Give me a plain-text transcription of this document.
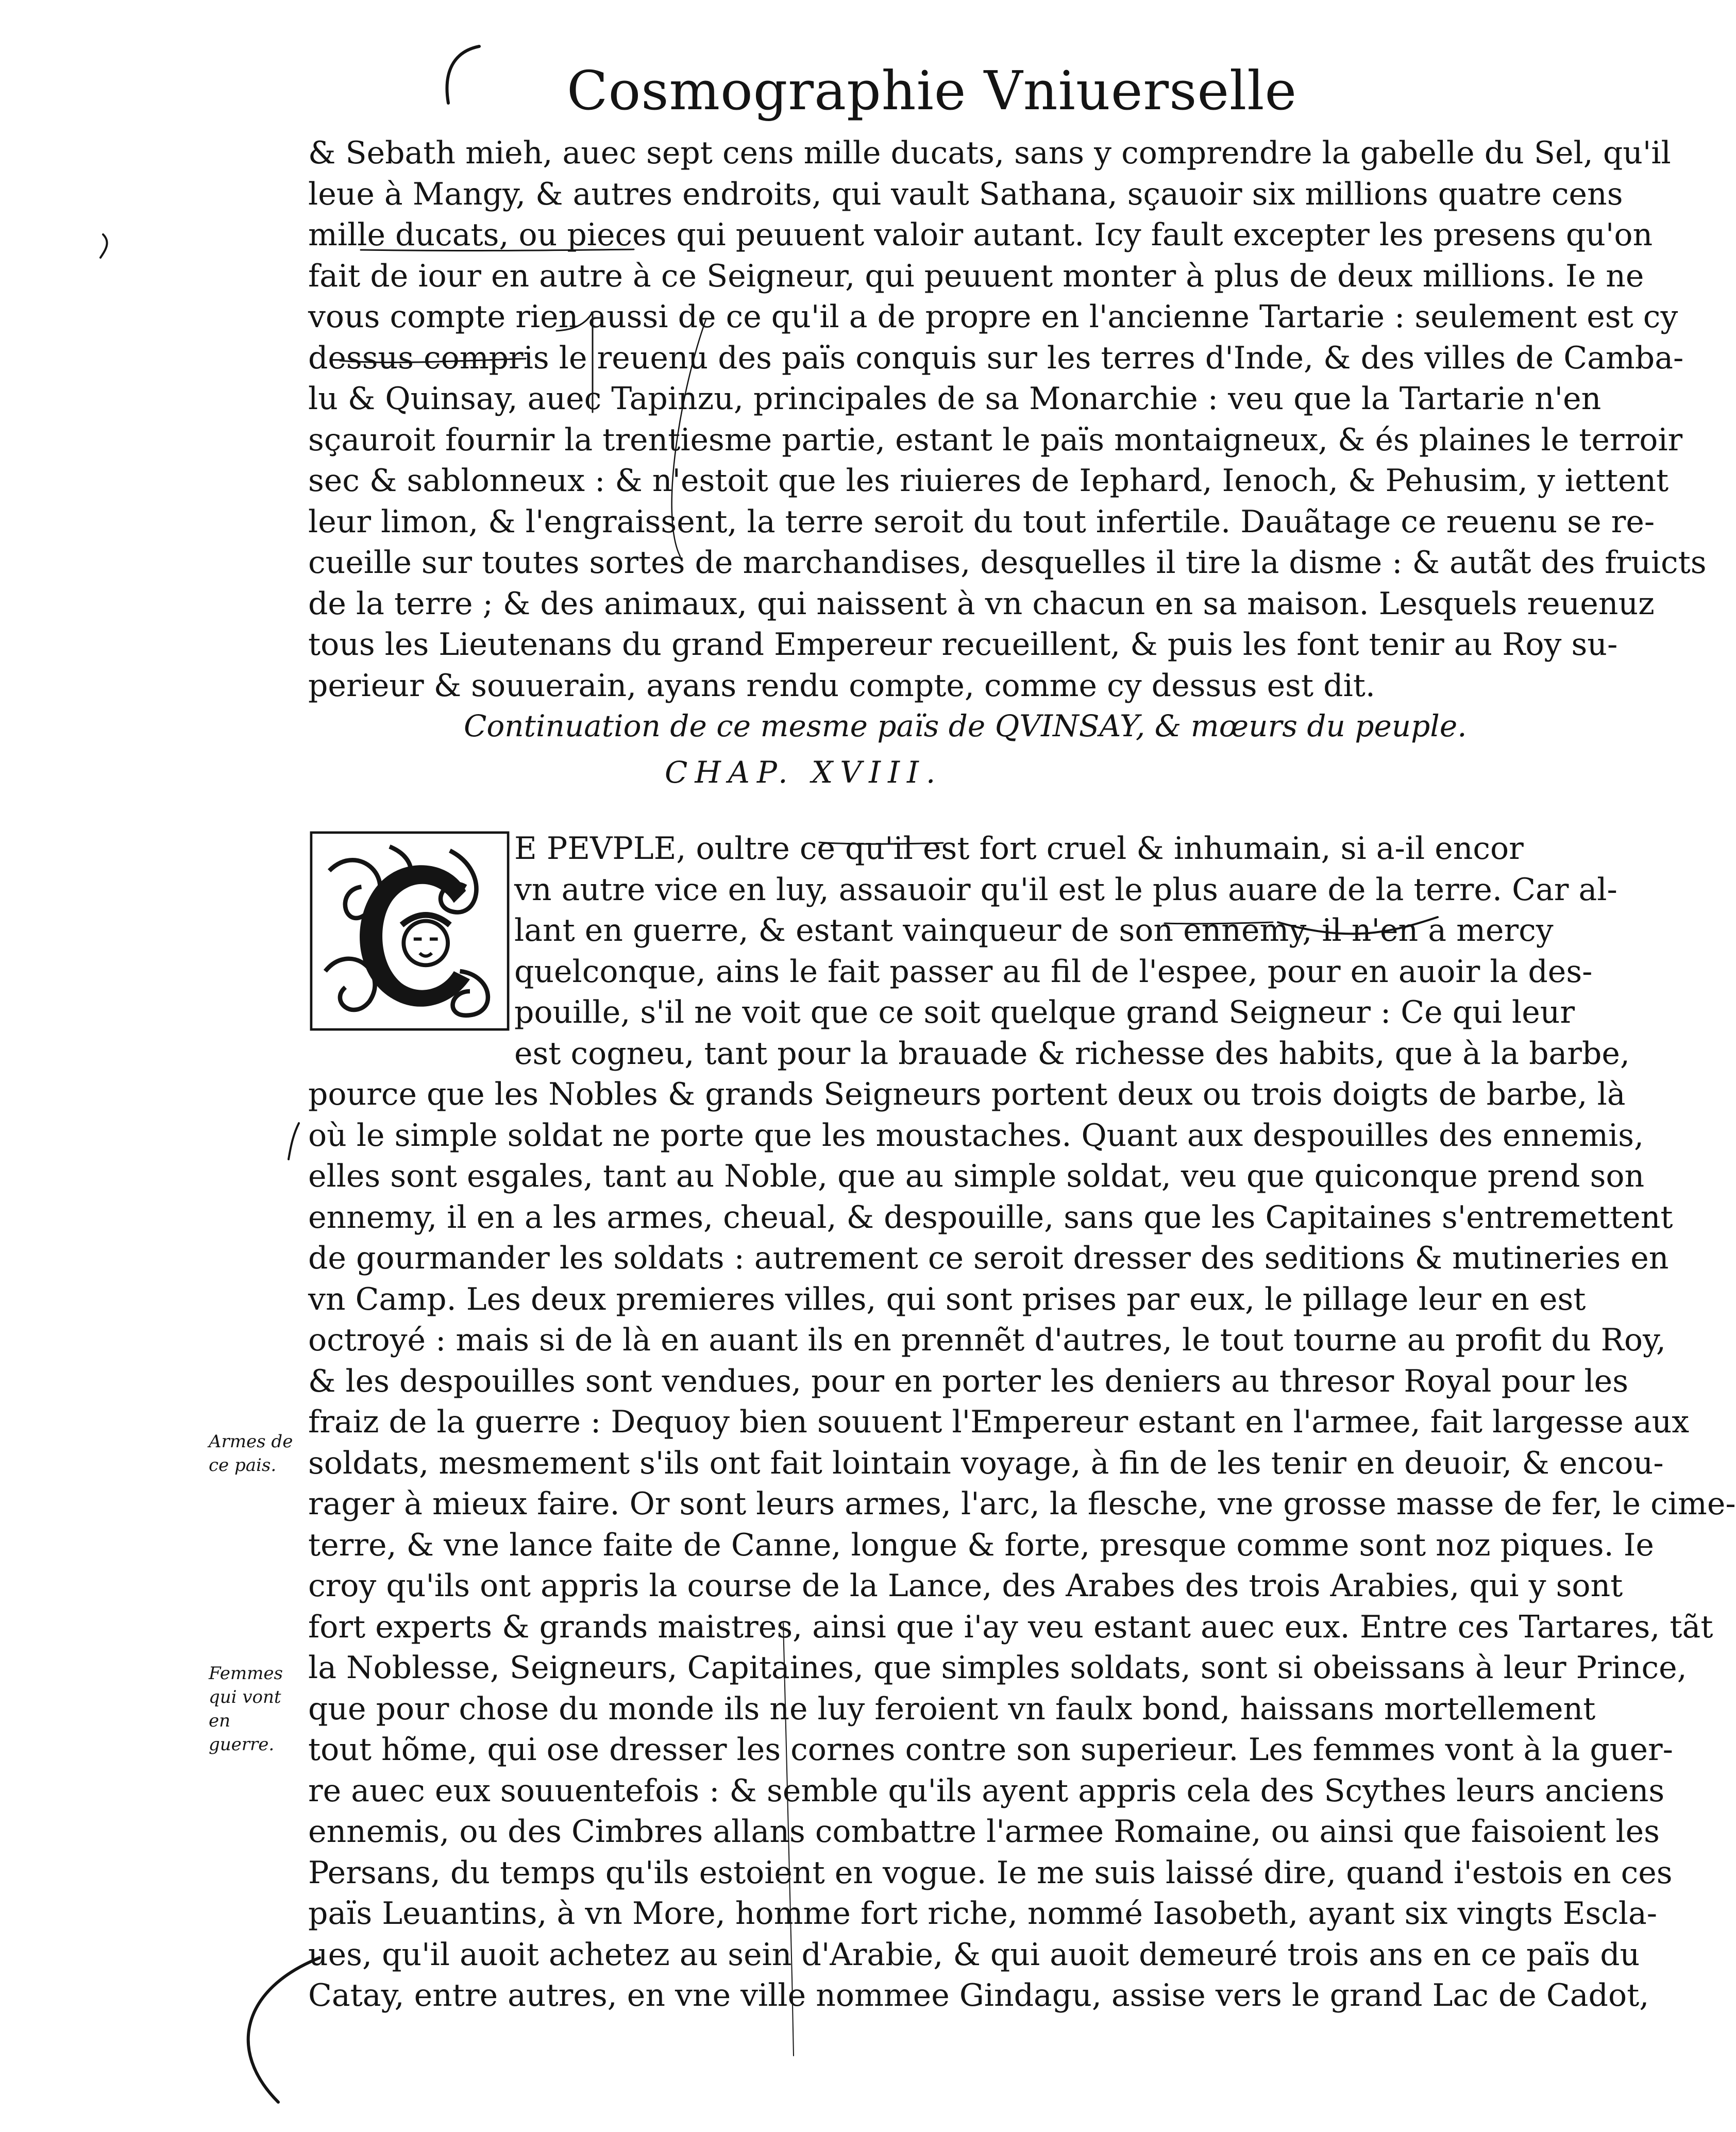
Cosmographie Vniuerselle
& Sebath mieh, auec sept cens mille ducats, sans y comprendre la gabelle du Sel, qu'il
leue à Mangy, & autres endroits, qui vault Sathana, sçauoir six millions quatre cens
mille ducats, ou pieces qui peuuent valoir autant. Icy fault excepter les presens qu'on
fait de iour en autre à ce Seigneur, qui peuuent monter à plus de deux millions. Ie ne
vous compte rien aussi de ce qu'il a de propre en l'ancienne Tartarie : seulement est cy
dessus compris le reuenu des païs conquis sur les terres d'Inde, & des villes de Camba-
lu & Quinsay, auec Tapinzu, principales de sa Monarchie : veu que la Tartarie n'en
sçauroit fournir la trentiesme partie, estant le païs montaigneux, & és plaines le terroir
sec & sablonneux : & n'estoit que les riuieres de Iephard, Ienoch, & Pehusim, y iettent
leur limon, & l'engraissent, la terre seroit du tout infertile. Dauãtage ce reuenu se re-
cueille sur toutes sortes de marchandises, desquelles il tire la disme : & autãt des fruicts
de la terre ; & des animaux, qui naissent à vn chacun en sa maison. Lesquels reuenuz
tous les Lieutenans du grand Empereur recueillent, & puis les font tenir au Roy su-
perieur & souuerain, ayans rendu compte, comme cy dessus est dit.
Continuation de ce mesme païs de QVINSAY, & mœurs du peuple.
CHAP. XVIII.
E PEVPLE, oultre ce qu'il est fort cruel & inhumain, si a-il encor
vn autre vice en luy, assauoir qu'il est le plus auare de la terre. Car al-
lant en guerre, & estant vainqueur de son ennemy, il n'en a mercy
quelconque, ains le fait passer au fil de l'espee, pour en auoir la des-
pouille, s'il ne voit que ce soit quelque grand Seigneur : Ce qui leur
est cogneu, tant pour la brauade & richesse des habits, que à la barbe,
pource que les Nobles & grands Seigneurs portent deux ou trois doigts de barbe, là
où le simple soldat ne porte que les moustaches. Quant aux despouilles des ennemis,
elles sont esgales, tant au Noble, que au simple soldat, veu que quiconque prend son
ennemy, il en a les armes, cheual, & despouille, sans que les Capitaines s'entremettent
de gourmander les soldats : autrement ce seroit dresser des seditions & mutineries en
vn Camp. Les deux premieres villes, qui sont prises par eux, le pillage leur en est
octroyé : mais si de là en auant ils en prennẽt d'autres, le tout tourne au profit du Roy,
& les despouilles sont vendues, pour en porter les deniers au thresor Royal pour les
fraiz de la guerre : Dequoy bien souuent l'Empereur estant en l'armee, fait largesse aux
soldats, mesmement s'ils ont fait lointain voyage, à fin de les tenir en deuoir, & encou-
rager à mieux faire. Or sont leurs armes, l'arc, la flesche, vne grosse masse de fer, le cime-
terre, & vne lance faite de Canne, longue & forte, presque comme sont noz piques. Ie
croy qu'ils ont appris la course de la Lance, des Arabes des trois Arabies, qui y sont
fort experts & grands maistres, ainsi que i'ay veu estant auec eux. Entre ces Tartares, tãt
la Noblesse, Seigneurs, Capitaines, que simples soldats, sont si obeissans à leur Prince,
que pour chose du monde ils ne luy feroient vn faulx bond, haissans mortellement
tout hõme, qui ose dresser les cornes contre son superieur. Les femmes vont à la guer-
re auec eux souuentefois : & semble qu'ils ayent appris cela des Scythes leurs anciens
ennemis, ou des Cimbres allans combattre l'armee Romaine, ou ainsi que faisoient les
Persans, du temps qu'ils estoient en vogue. Ie me suis laissé dire, quand i'estois en ces
païs Leuantins, à vn More, homme fort riche, nommé Iasobeth, ayant six vingts Escla-
ues, qu'il auoit achetez au sein d'Arabie, & qui auoit demeuré trois ans en ce païs du
Catay, entre autres, en vne ville nommee Gindagu, assise vers le grand Lac de Cadot,
Armes de ce pais.
Femmes qui vont en guerre.
